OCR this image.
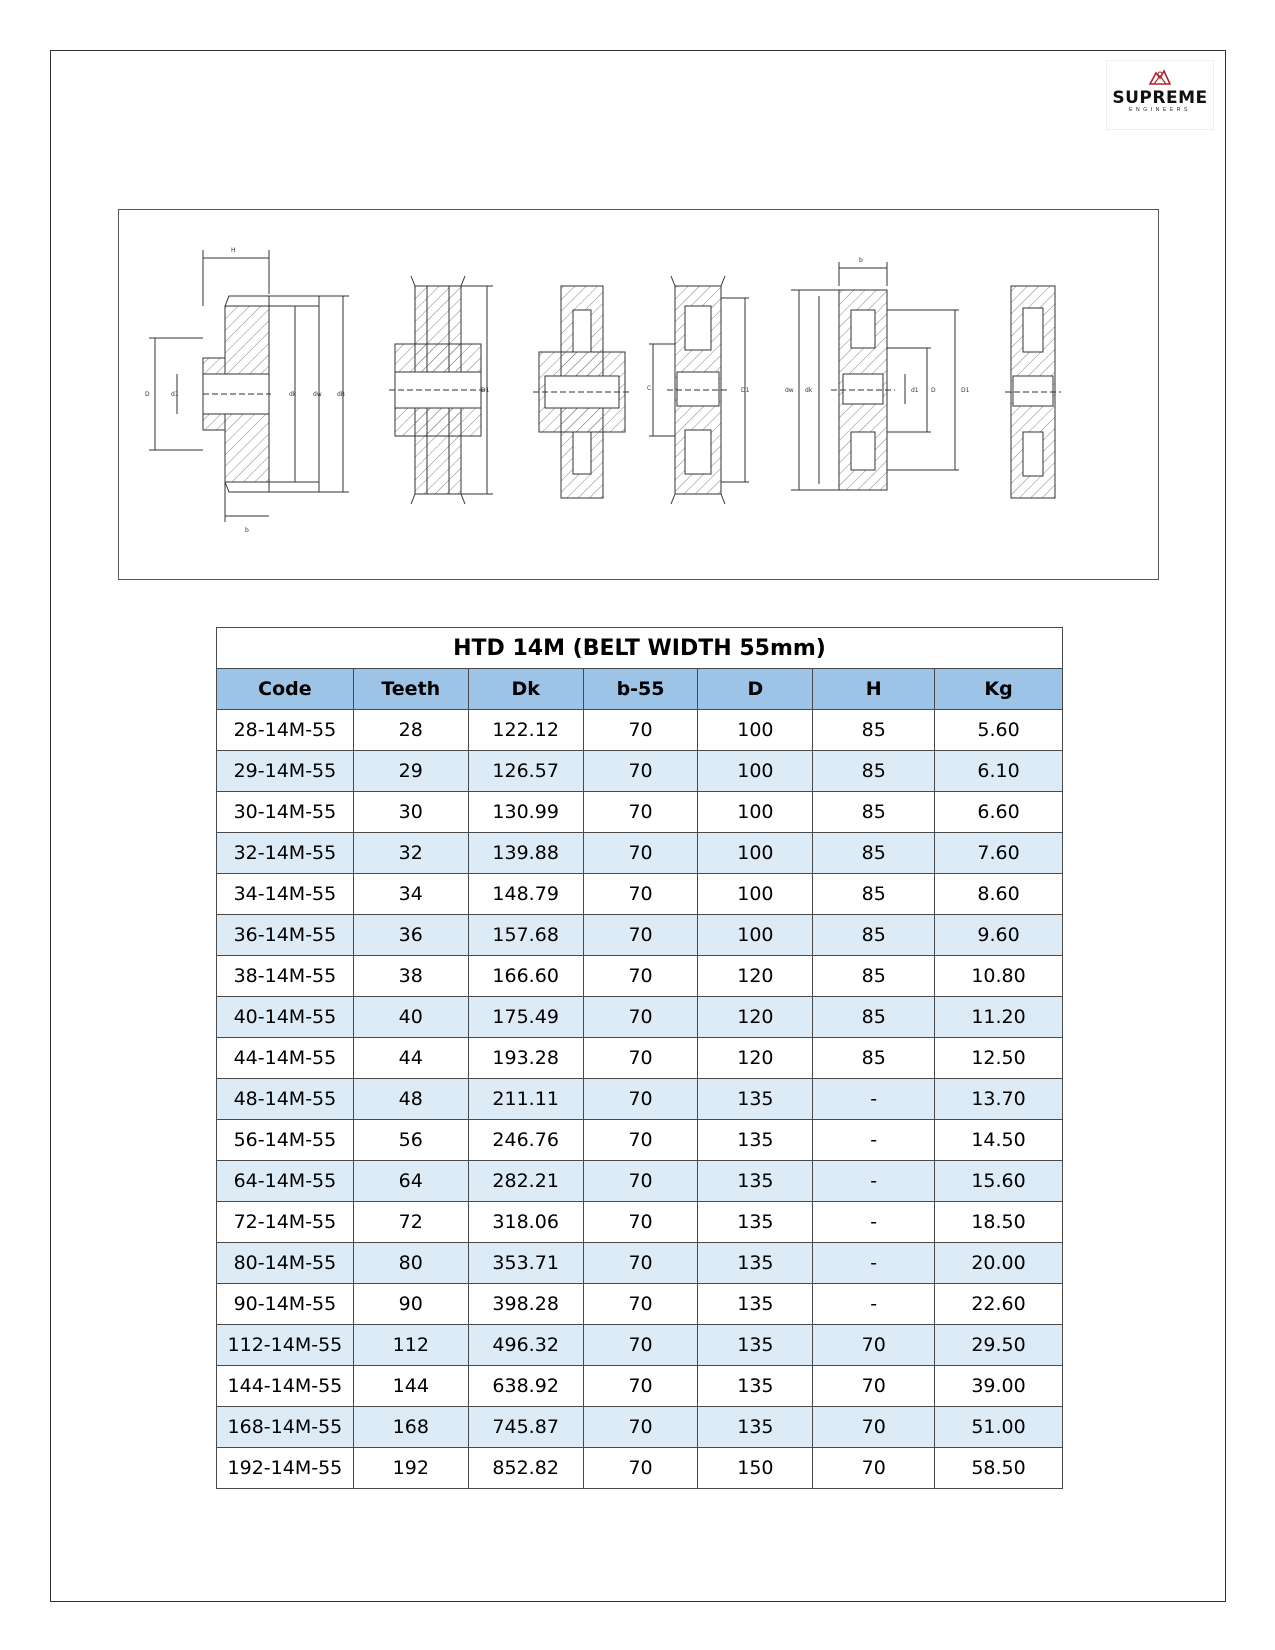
SUPREME
ENGINEERS
H
b
D	d1	dk	dw	dB
D1	C	D1
b
dw dk	d1 D	D1
HTD 14M (BELT WIDTH 55mm)						
Code	Teeth	Dk	b-55	D	H	Kg
28-14M-55	28	122.12	70	100	85	5.60
29-14M-55	29	126.57	70	100	85	6.10
30-14M-55	30	130.99	70	100	85	6.60
32-14M-55	32	139.88	70	100	85	7.60
34-14M-55	34	148.79	70	100	85	8.60
36-14M-55	36	157.68	70	100	85	9.60
38-14M-55	38	166.60	70	120	85	10.80
40-14M-55	40	175.49	70	120	85	11.20
44-14M-55	44	193.28	70	120	85	12.50
48-14M-55	48	211.11	70	135	-	13.70
56-14M-55	56	246.76	70	135	-	14.50
64-14M-55	64	282.21	70	135	-	15.60
72-14M-55	72	318.06	70	135	-	18.50
80-14M-55	80	353.71	70	135	-	20.00
90-14M-55	90	398.28	70	135	-	22.60
112-14M-55	112	496.32	70	135	70	29.50
144-14M-55	144	638.92	70	135	70	39.00
168-14M-55	168	745.87	70	135	70	51.00
192-14M-55	192	852.82	70	150	70	58.50
